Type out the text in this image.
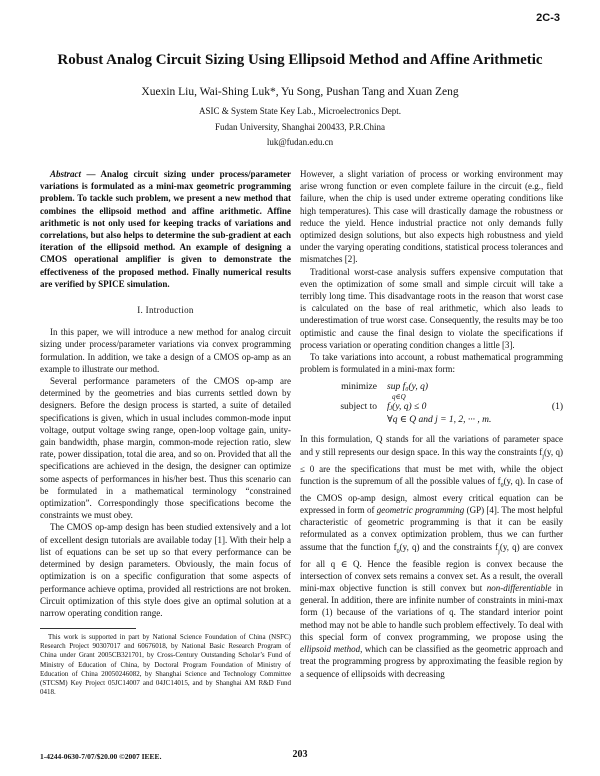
2C-3
Robust Analog Circuit Sizing Using Ellipsoid Method and Affine Arithmetic

Xuexin Liu, Wai-Shing Luk*, Yu Song, Pushan Tang and Xuan Zeng

ASIC & System State Key Lab., Microelectronics Dept.

Fudan University, Shanghai 200433, P.R.China

luk@fudan.edu.cn

Abstract — Analog circuit sizing under process/parameter variations is formulated as a mini-max geometric programming problem. To tackle such problem, we present a new method that combines the ellipsoid method and affine arithmetic. Affine arithmetic is not only used for keeping tracks of variations and correlations, but also helps to determine the sub-gradient at each iteration of the ellipsoid method. An example of designing a CMOS operational amplifier is given to demonstrate the effectiveness of the proposed method. Finally numerical results are verified by SPICE simulation.

I. Introduction

In this paper, we will introduce a new method for analog circuit sizing under process/parameter variations via convex programming formulation. In addition, we take a design of a CMOS op-amp as an example to illustrate our method.

Several performance parameters of the CMOS op-amp are determined by the geometries and bias currents settled down by designers. Before the design process is started, a suite of detailed specifications is given, which in usual includes common-mode input voltage, output voltage swing range, open-loop voltage gain, unity-gain bandwidth, phase margin, common-mode rejection ratio, slew rate, power dissipation, total die area, and so on. Provided that all the specifications are achieved in the design, the designer can optimize some aspects of performances in his/her best. Thus this scenario can be formulated in a mathematical terminology “constrained optimization”. Correspondingly those specifications become the constraints we must obey.

The CMOS op-amp design has been studied extensively and a lot of excellent design tutorials are available today [1]. With their help a list of equations can be set up so that every performance can be determined by design parameters. Obviously, the main focus of optimization is on a specific configuration that some aspects of performance achieve optima, provided all restrictions are not broken. Circuit optimization of this style does give an optimal solution at a narrow operating condition range.

However, a slight variation of process or working environment may arise wrong function or even complete failure in the circuit (e.g., field failure, when the chip is used under extreme operating conditions like high temperatures). This case will drastically damage the robustness or reduce the yield. Hence industrial practice not only demands fully optimized design solutions, but also expects high robustness and yield under the varying operating conditions, statistical process tolerances and mismatches [2].

Traditional worst-case analysis suffers expensive computation that even the optimization of some small and simple circuit will take a terribly long time. This disadvantage roots in the reason that worst case is calculated on the base of real arithmetic, which also leads to underestimation of true worst case. Consequently, the results may be too optimistic and cause the final design to violate the specifications if process variation or operating condition changes a little [3].

To take variations into account, a robust mathematical programming problem is formulated in a mini-max form:

minimize sup f₀(y, q)
q∈Q
subject to fⱼ(y, q) ≤ 0	(1)
∀q ∈ Q and j = 1, 2, ··· , m.

In this formulation, Q stands for all the variations of parameter space and y still represents our design space. In this way the constraints $f_j(y$, q) ≤ 0 are the specifications that must be met with, while the object function is the supremum of all the possible values of $f_0(y$, q). In case of the CMOS op-amp design, almost every critical equation can be expressed in form of geometric programming (GP) [4]. The most helpful characteristic of geometric programming is that it can be easily reformulated as a convex optimization problem, thus we can further assume that the function $f_0(y$, q) and the constraints $f_j(y$, q) are convex for all q ∈ Q. Hence the feasible region is convex because the intersection of convex sets remains a convex set. As a result, the overall mini-max objective function is still convex but non-differentiable in general. In addition, there are infinite number of constraints in mini-max form (1) because of the variations of q. The standard interior point method may not be able to handle such problem effectively. To deal with this special form of convex programming, we propose using the ellipsoid method, which can be classified as the geometric approach and treat the programming progress by approximating the feasible region by a sequence of ellipsoids with decreasing

This work is supported in part by National Science Foundation of China (NSFC) Research Project 90307017 and 60676018, by National Basic Research Program of China under Grant 2005CB321701, by Cross-Century Outstanding Scholar’s Fund of Ministry of Education of China, by Doctoral Program Foundation of Ministry of Education of China 20050246082, by Shanghai Science and Technology Committee (STCSM) Key Project 05JC14007 and 04JC14015, and by Shanghai AM R&D Fund 0418.

1-4244-0630-7/07/$20.00 ©2007 IEEE.	203
